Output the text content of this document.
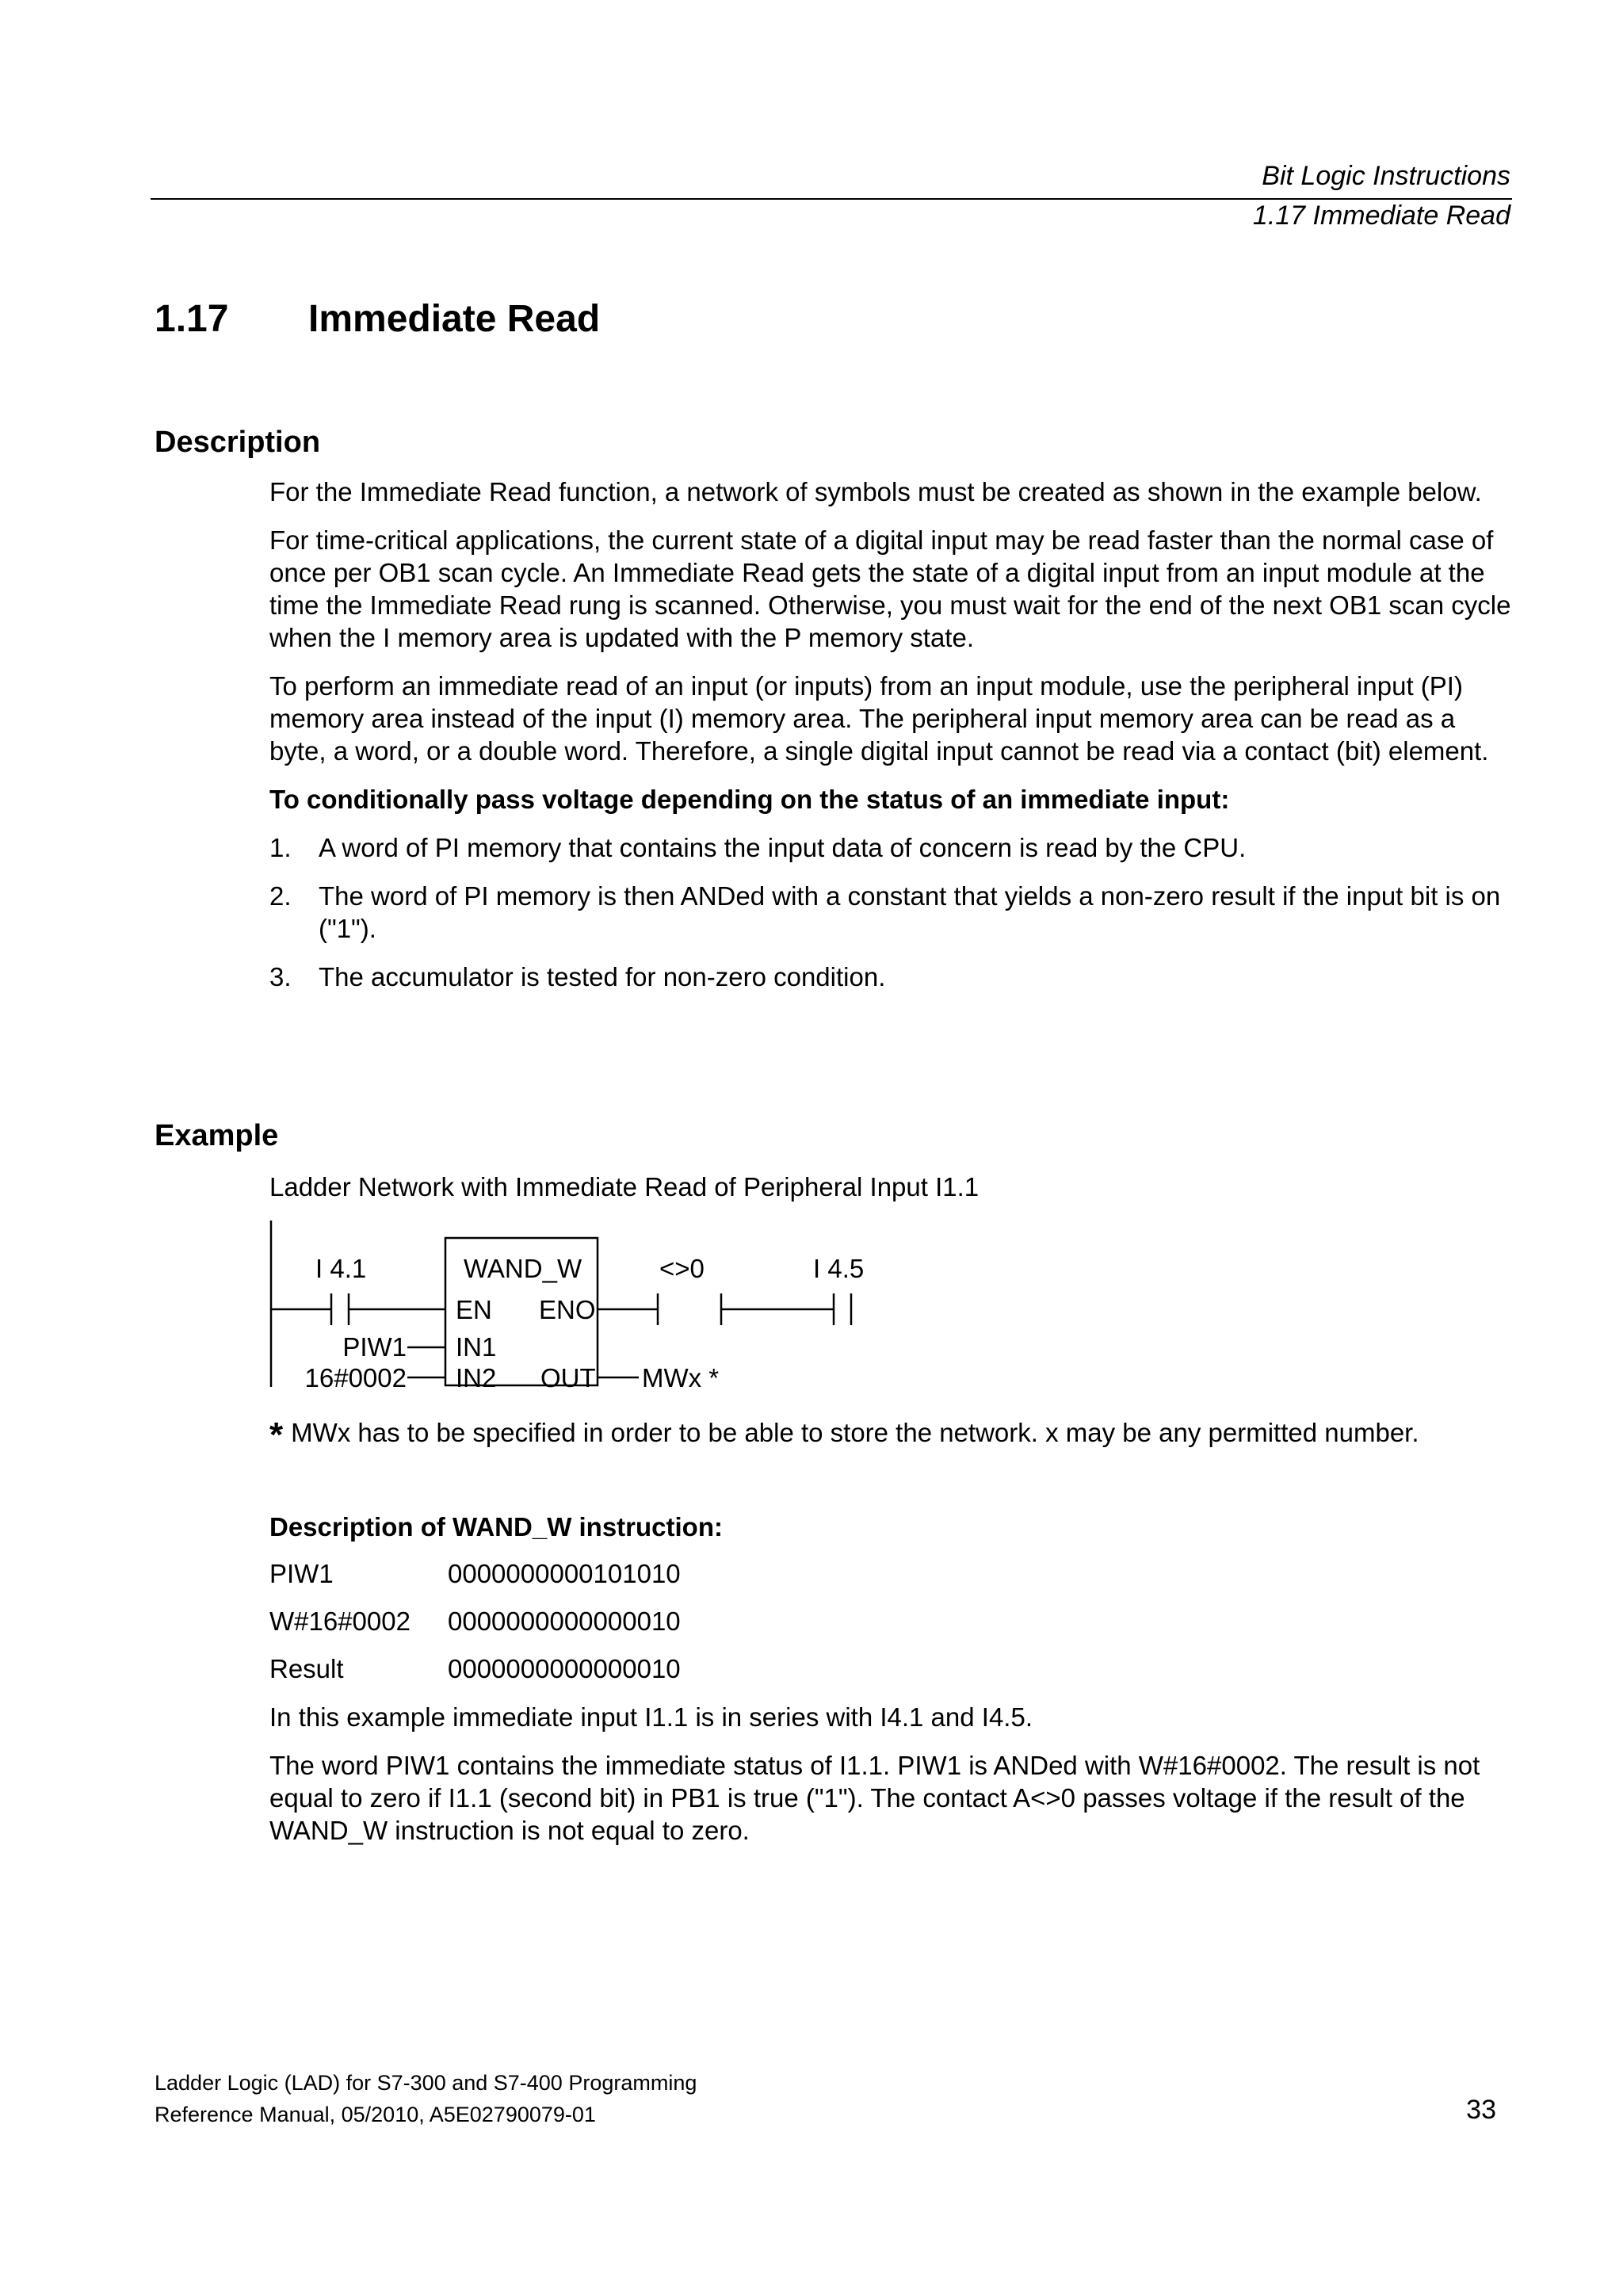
Bit Logic Instructions
1.17 Immediate Read
1.17 Immediate Read
Description

For the Immediate Read function, a network of symbols must be created as shown in the example below.

For time-critical applications, the current state of a digital input may be read faster than the normal case of once per OB1 scan cycle. An Immediate Read gets the state of a digital input from an input module at the time the Immediate Read rung is scanned. Otherwise, you must wait for the end of the next OB1 scan cycle when the I memory area is updated with the P memory state.

To perform an immediate read of an input (or inputs) from an input module, use the peripheral input (PI) memory area instead of the input (I) memory area. The peripheral input memory area can be read as a byte, a word, or a double word. Therefore, a single digital input cannot be read via a contact (bit) element.

To conditionally pass voltage depending on the status of an immediate input:

1. A word of PI memory that contains the input data of concern is read by the CPU.
2. The word of PI memory is then ANDed with a constant that yields a non-zero result if the input bit is on ("1").
3. The accumulator is tested for non-zero condition.
Example
Ladder Network with Immediate Read of Peripheral Input I1.1
I 4.1	WAND_W
EN ENO
IN1
IN2 OUT
PIW1
16#0002	MWx *
<>0	I 4.5
* MWx has to be specified in order to be able to store the network. x may be any permitted number.

Description of WAND_W instruction:

PIW1	0000000000101010
W#16#0002	0000000000000010
Result	0000000000000010

In this example immediate input I1.1 is in series with I4.1 and I4.5.

The word PIW1 contains the immediate status of I1.1. PIW1 is ANDed with W#16#0002. The result is not equal to zero if I1.1 (second bit) in PB1 is true ("1"). The contact A<>0 passes voltage if the result of the WAND_W instruction is not equal to zero.

Ladder Logic (LAD) for S7-300 and S7-400 Programming
Reference Manual, 05/2010, A5E02790079-01	33
